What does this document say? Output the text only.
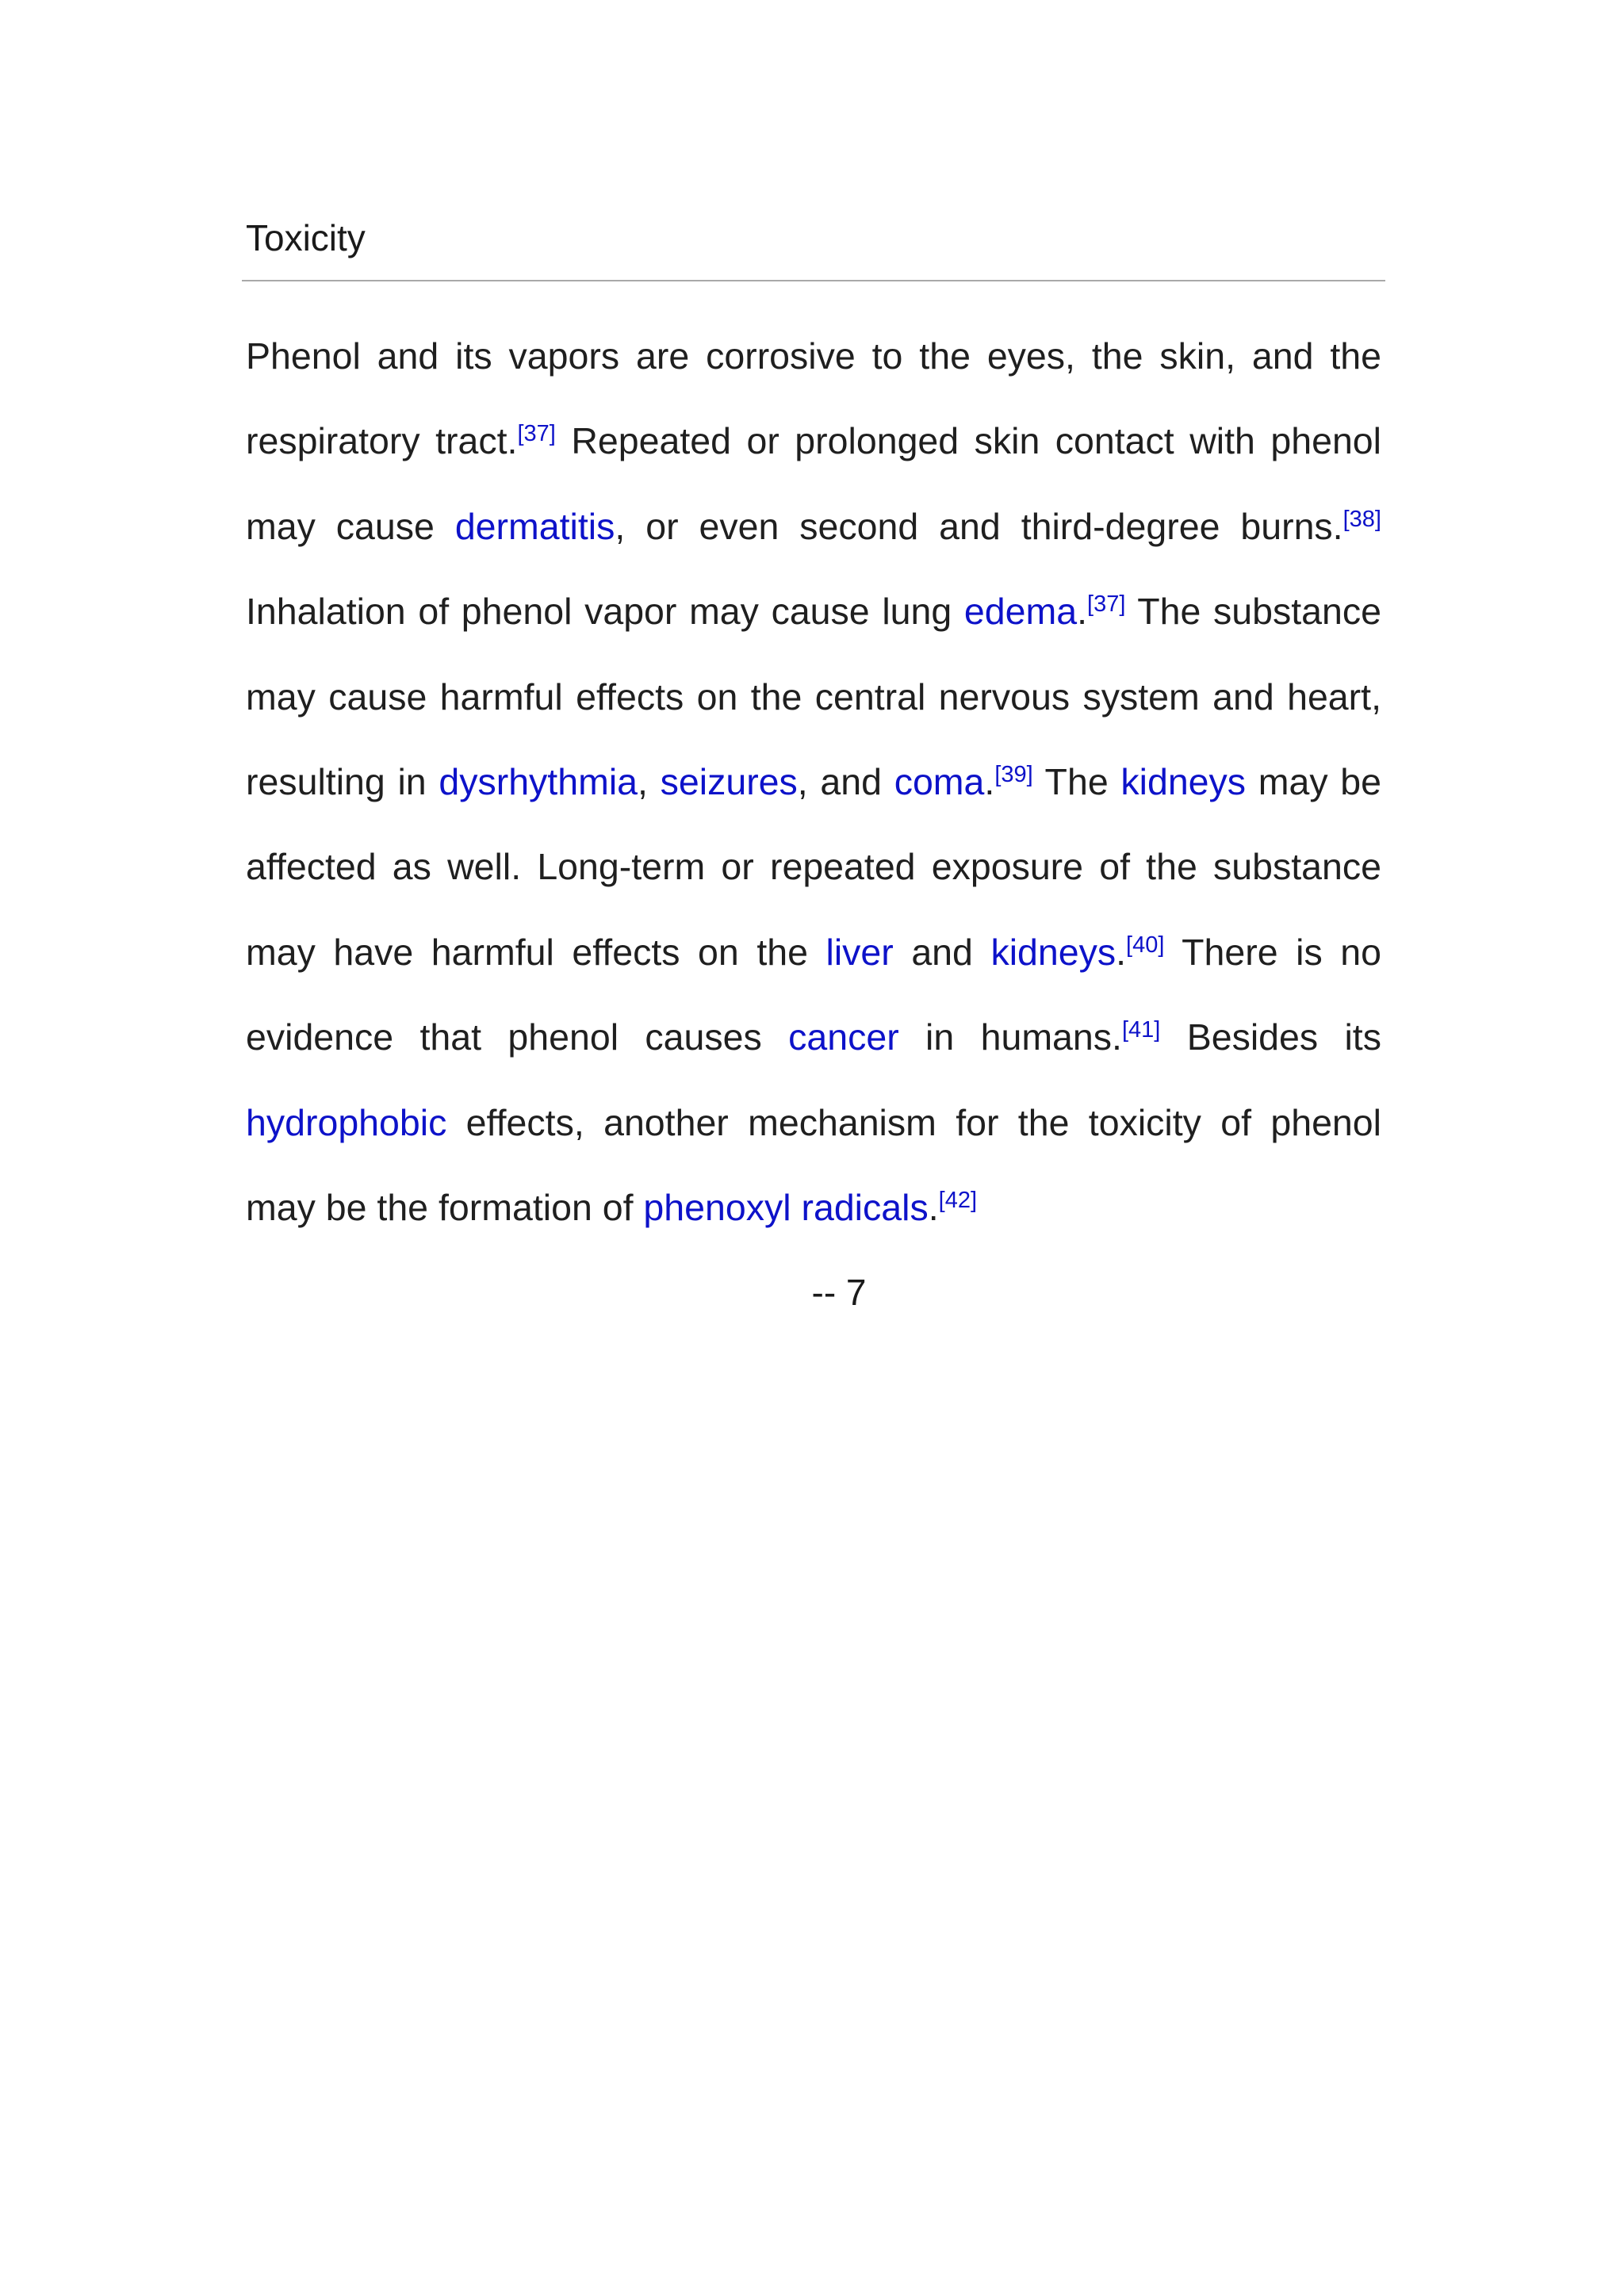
Toxicity

Phenol and its vapors are corrosive to the eyes, the skin, and the respiratory tract.[37] Repeated or prolonged skin contact with phenol may cause dermatitis, or even second and third-degree burns.[38] Inhalation of phenol vapor may cause lung edema.[37] The substance may cause harmful effects on the central nervous system and heart, resulting in dysrhythmia, seizures, and coma.[39] The kidneys may be affected as well. Long-term or repeated exposure of the substance may have harmful effects on the liver and kidneys.[40] There is no evidence that phenol causes cancer in humans.[41] Besides its hydrophobic effects, another mechanism for the toxicity of phenol may be the formation of phenoxyl radicals.[42]

-- 7
